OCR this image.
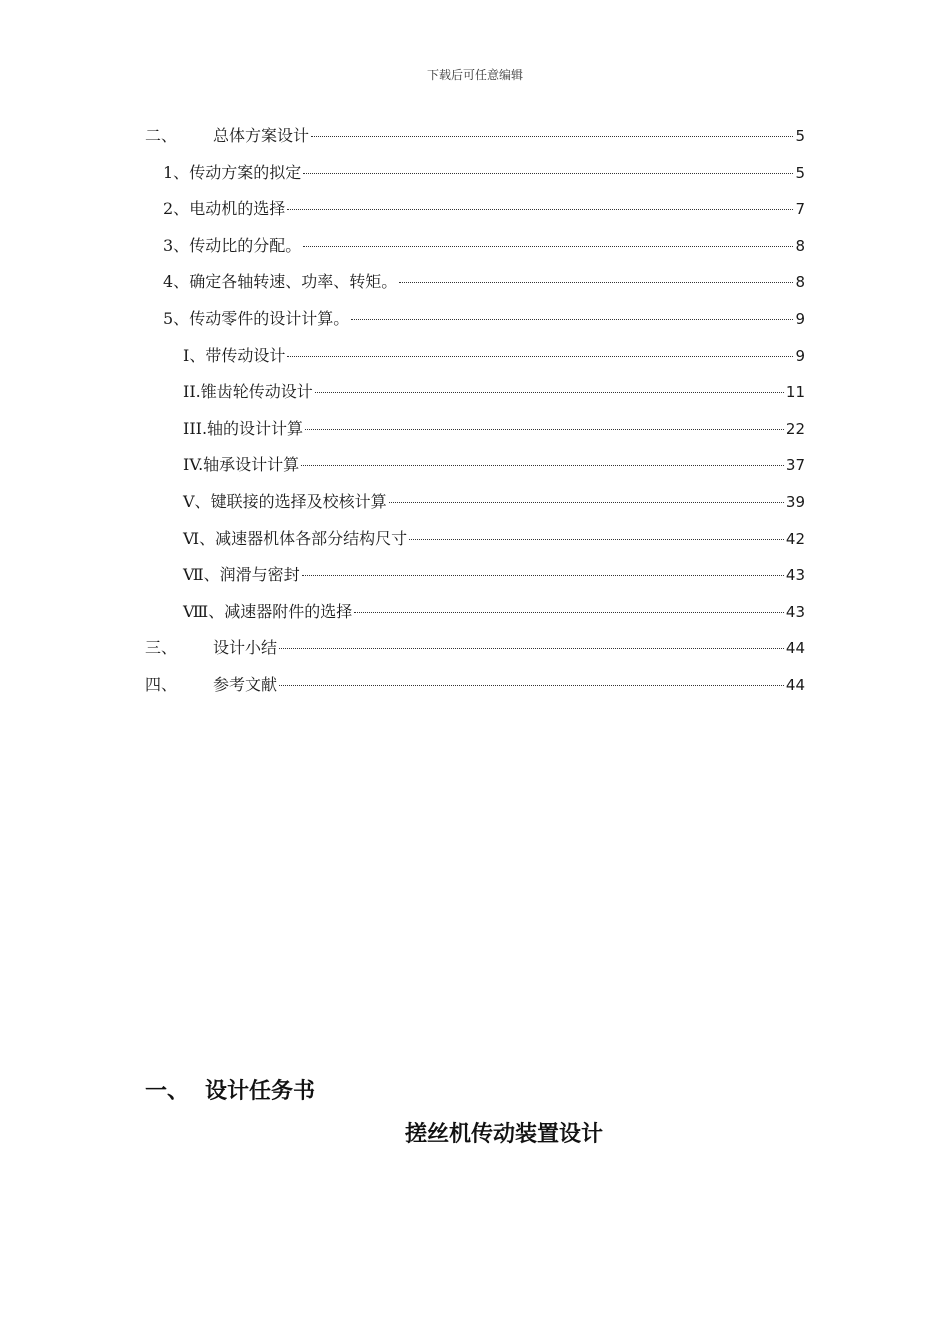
下载后可任意编辑
二、	总体方案设计	5
1、 传动方案的拟定	5
2、 电动机的选择	7
3、 传动比的分配。	8
4、 确定各轴转速、功率、转矩。	8
5、 传动零件的设计计算。	9
Ⅰ、 带传动设计	9
II. 锥齿轮传动设计	11
III. 轴的设计计算	22
IV. 轴承设计计算	37
Ⅴ、 键联接的选择及校核计算	39
Ⅵ、 减速器机体各部分结构尺寸	42
Ⅶ、 润滑与密封	43
Ⅷ、 减速器附件的选择	43
三、	设计小结	44
四、	参考文献	44
一、 设计任务书
搓丝机传动装置设计
